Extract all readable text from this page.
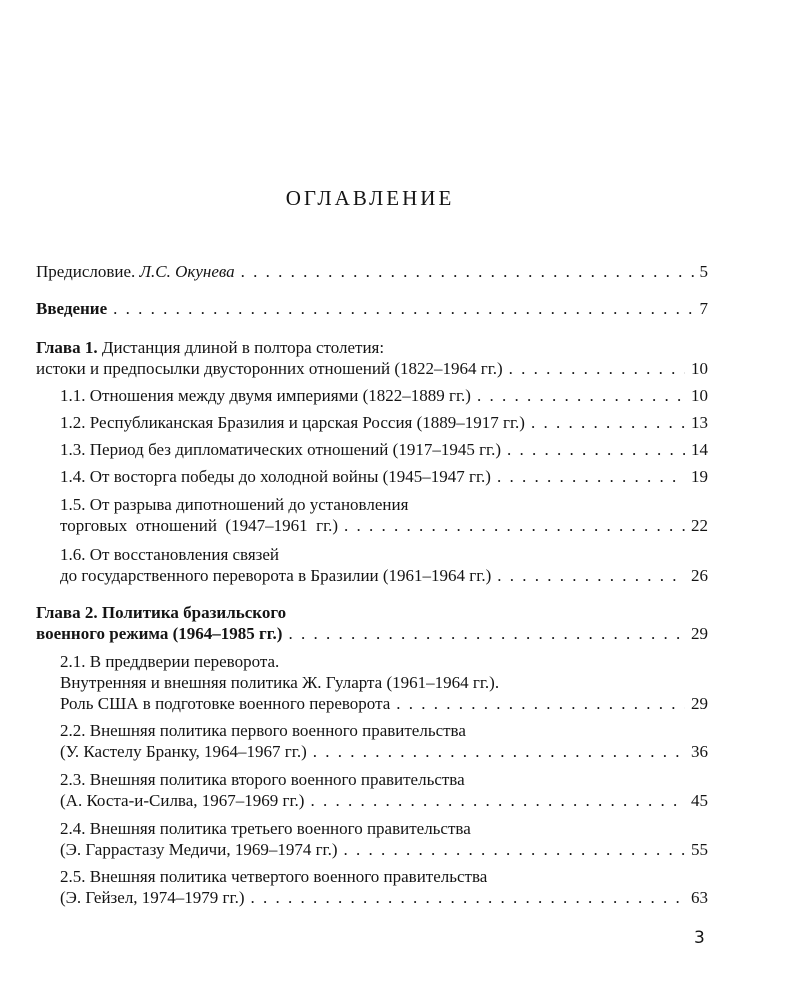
ОГЛАВЛЕНИЕ
Предисловие.
Л.С. Окунева . . .	5
Введение . . .	7
Глава 1. Дистанция длиной в полтора столетия:
истоки и предпосылки двусторонних отношений (1822–1964 гг.) . . .	10
1.1. Отношения между двумя империями (1822–1889 гг.) . . .	10
1.2. Республиканская Бразилия и царская Россия (1889–1917 гг.) . . .	13
1.3. Период без дипломатических отношений (1917–1945 гг.) . . .	14
1.4. От восторга победы до холодной войны (1945–1947 гг.) . . .	19
1.5. От разрыва дипотношений до установления
торговых  отношений  (1947–1961  гг.) . . .	22
1.6. От восстановления связей
до государственного переворота в Бразилии (1961–1964 гг.) . . .	26
Глава 2. Политика бразильского
военного режима (1964–1985 гг.) . . .	29
2.1. В преддверии переворота.
Внутренняя и внешняя политика Ж. Гуларта (1961–1964 гг.).
Роль США в подготовке военного переворота . . .	29
2.2. Внешняя политика первого военного правительства
(У. Кастелу Бранку, 1964–1967 гг.) . . .	36
2.3. Внешняя политика второго военного правительства
(А. Коста-и-Силва, 1967–1969 гг.) . . .	45
2.4. Внешняя политика третьего военного правительства
(Э. Гаррастазу Медичи, 1969–1974 гг.) . . .	55
2.5. Внешняя политика четвертого военного правительства
(Э. Гейзел, 1974–1979 гг.) . . .	63
3
